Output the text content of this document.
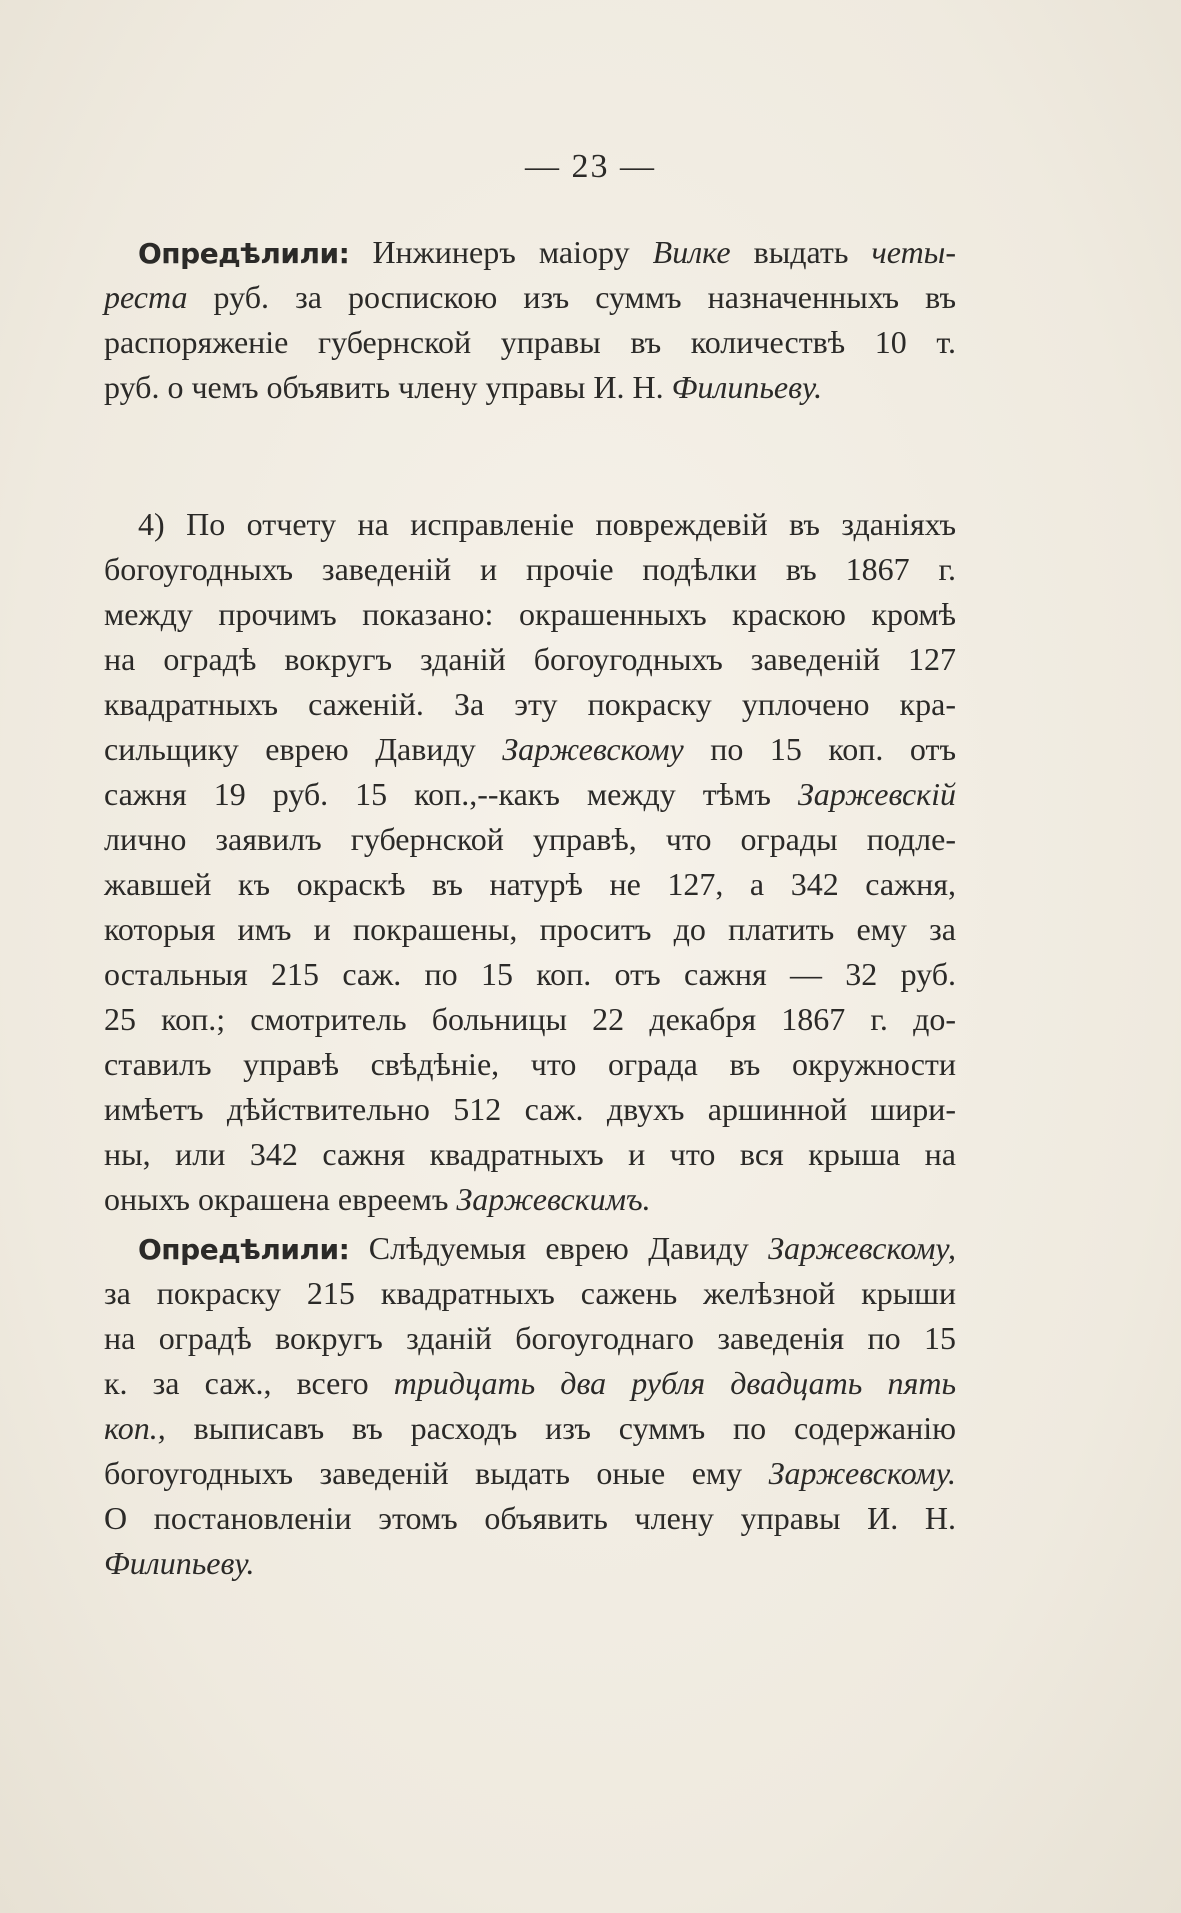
— 23 —
Опредѣлили: Инжинеръ маіору Вилке выдать четы-
реста руб. за роспискою изъ суммъ назначенныхъ въ
распоряженіе губернской управы въ количествѣ 10 т.
руб. о чемъ объявить члену управы И. Н. Филипьеву.
4) По отчету на исправленіе повреждевій въ зданіяхъ
богоугодныхъ заведеній и прочіе подѣлки въ 1867 г.
между прочимъ показано: окрашенныхъ краскою кромѣ
на оградѣ вокругъ зданій богоугодныхъ заведеній 127
квадратныхъ саженій. За эту покраску уплочено кра-
сильщику еврею Давиду Заржевскому по 15 коп. отъ
сажня 19 руб. 15 коп.,--какъ между тѣмъ Заржевскій
лично заявилъ губернской управѣ, что ограды подле-
жавшей къ окраскѣ въ натурѣ не 127, а 342 сажня,
которыя имъ и покрашены, проситъ до платить ему за
остальныя 215 саж. по 15 коп. отъ сажня — 32 руб.
25 коп.; смотритель больницы 22 декабря 1867 г. до-
ставилъ управѣ свѣдѣніе, что ограда въ окружности
имѣетъ дѣйствительно 512 саж. двухъ аршинной шири-
ны, или 342 сажня квадратныхъ и что вся крыша на
оныхъ окрашена евреемъ Заржевскимъ.
Опредѣлили: Слѣдуемыя еврею Давиду Заржевскому,
за покраску 215 квадратныхъ сажень желѣзной крыши
на оградѣ вокругъ зданій богоугоднаго заведенія по 15
к. за саж., всего тридцать два рубля двадцать пять
коп., выписавъ въ расходъ изъ суммъ по содержанію
богоугодныхъ заведеній выдать оные ему Заржевскому.
О постановленіи этомъ объявить члену управы И. Н.
Филипьеву.
